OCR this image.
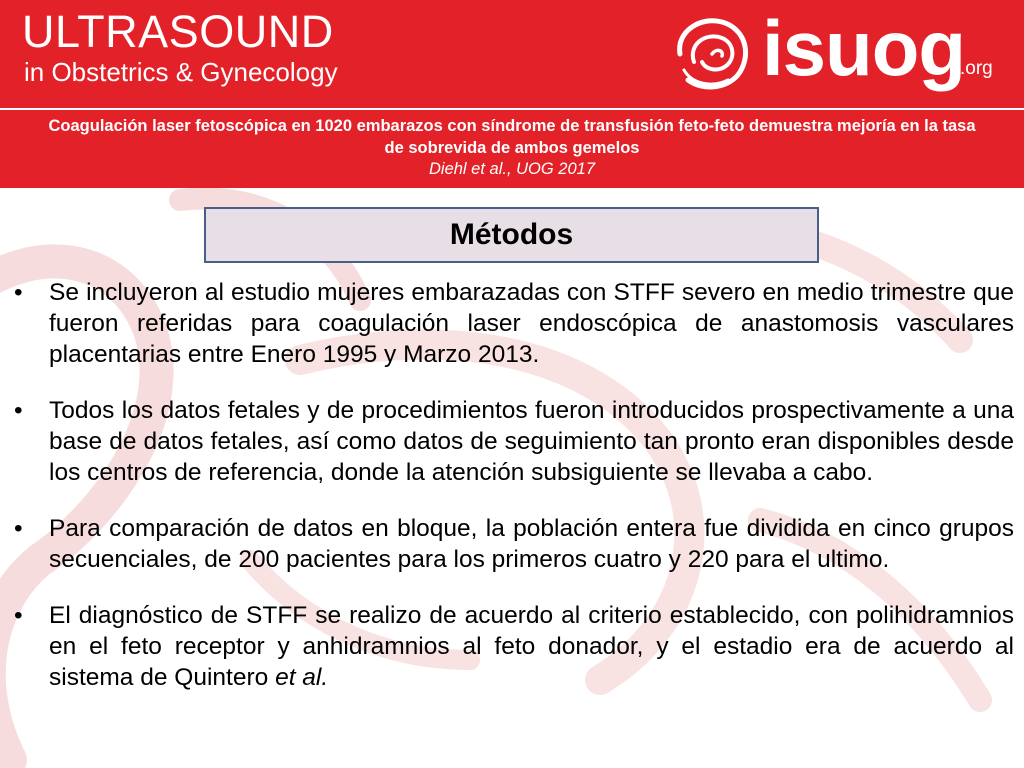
ULTRASOUND

in Obstetrics & Gynecology	isuog
.org

Coagulación laser fetoscópica en 1020 embarazos con síndrome de transfusión feto-feto demuestra mejoría en la tasa de sobrevida de ambos gemelos

Diehl et al., UOG 2017

Métodos
• Se incluyeron al estudio mujeres embarazadas con STFF severo en medio trimestre que fueron referidas para coagulación laser endoscópica de anastomosis vasculares placentarias entre Enero 1995 y Marzo 2013.
• Todos los datos fetales y de procedimientos fueron introducidos prospectivamente a una base de datos fetales, así como datos de seguimiento tan pronto eran disponibles desde los centros de referencia, donde la atención subsiguiente se llevaba a cabo.
• Para comparación de datos en bloque, la población entera fue dividida en cinco grupos secuenciales, de 200 pacientes para los primeros cuatro y 220 para el ultimo.
• El diagnóstico de STFF se realizo de acuerdo al criterio establecido, con polihidramnios en el feto receptor y anhidramnios al feto donador, y el estadio era de acuerdo al sistema de Quintero et al.
